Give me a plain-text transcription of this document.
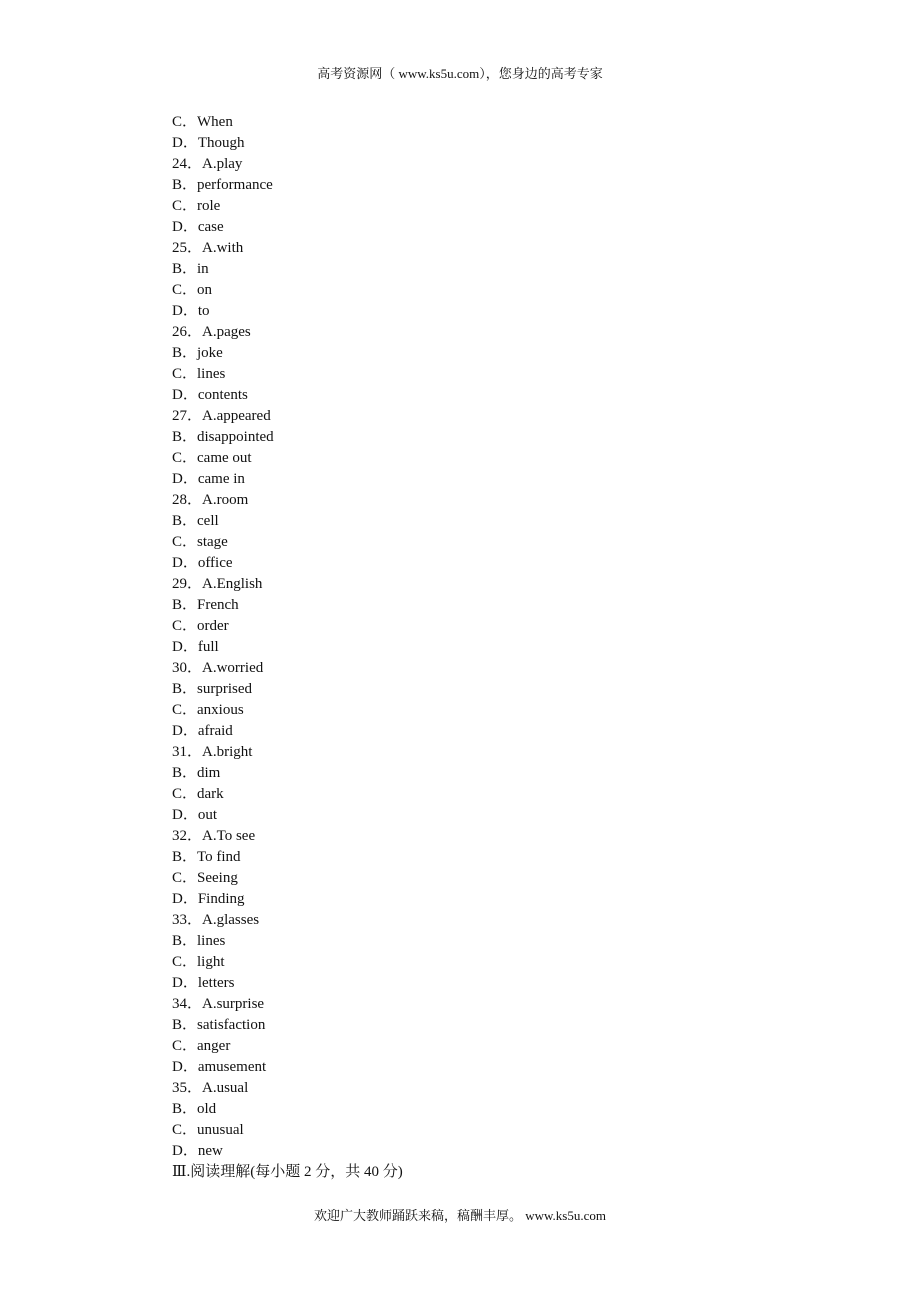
高考资源网（ www.ks5u.com），您身边的高考专家
C．When
D．Though
24．A.play
B．performance
C．role
D．case
25．A.with
B．in
C．on
D．to
26．A.pages
B．joke
C．lines
D．contents
27．A.appeared
B．disappointed
C．came out
D．came in
28．A.room
B．cell
C．stage
D．office
29．A.English
B．French
C．order
D．full
30．A.worried
B．surprised
C．anxious
D．afraid
31．A.bright
B．dim
C．dark
D．out
32．A.To see
B．To find
C．Seeing
D．Finding
33．A.glasses
B．lines
C．light
D．letters
34．A.surprise
B．satisfaction
C．anger
D．amusement
35．A.usual
B．old
C．unusual
D．new
Ⅲ.阅读理解(每小题 2 分，共 40 分)
欢迎广大教师踊跃来稿，稿酬丰厚。 www.ks5u.com
